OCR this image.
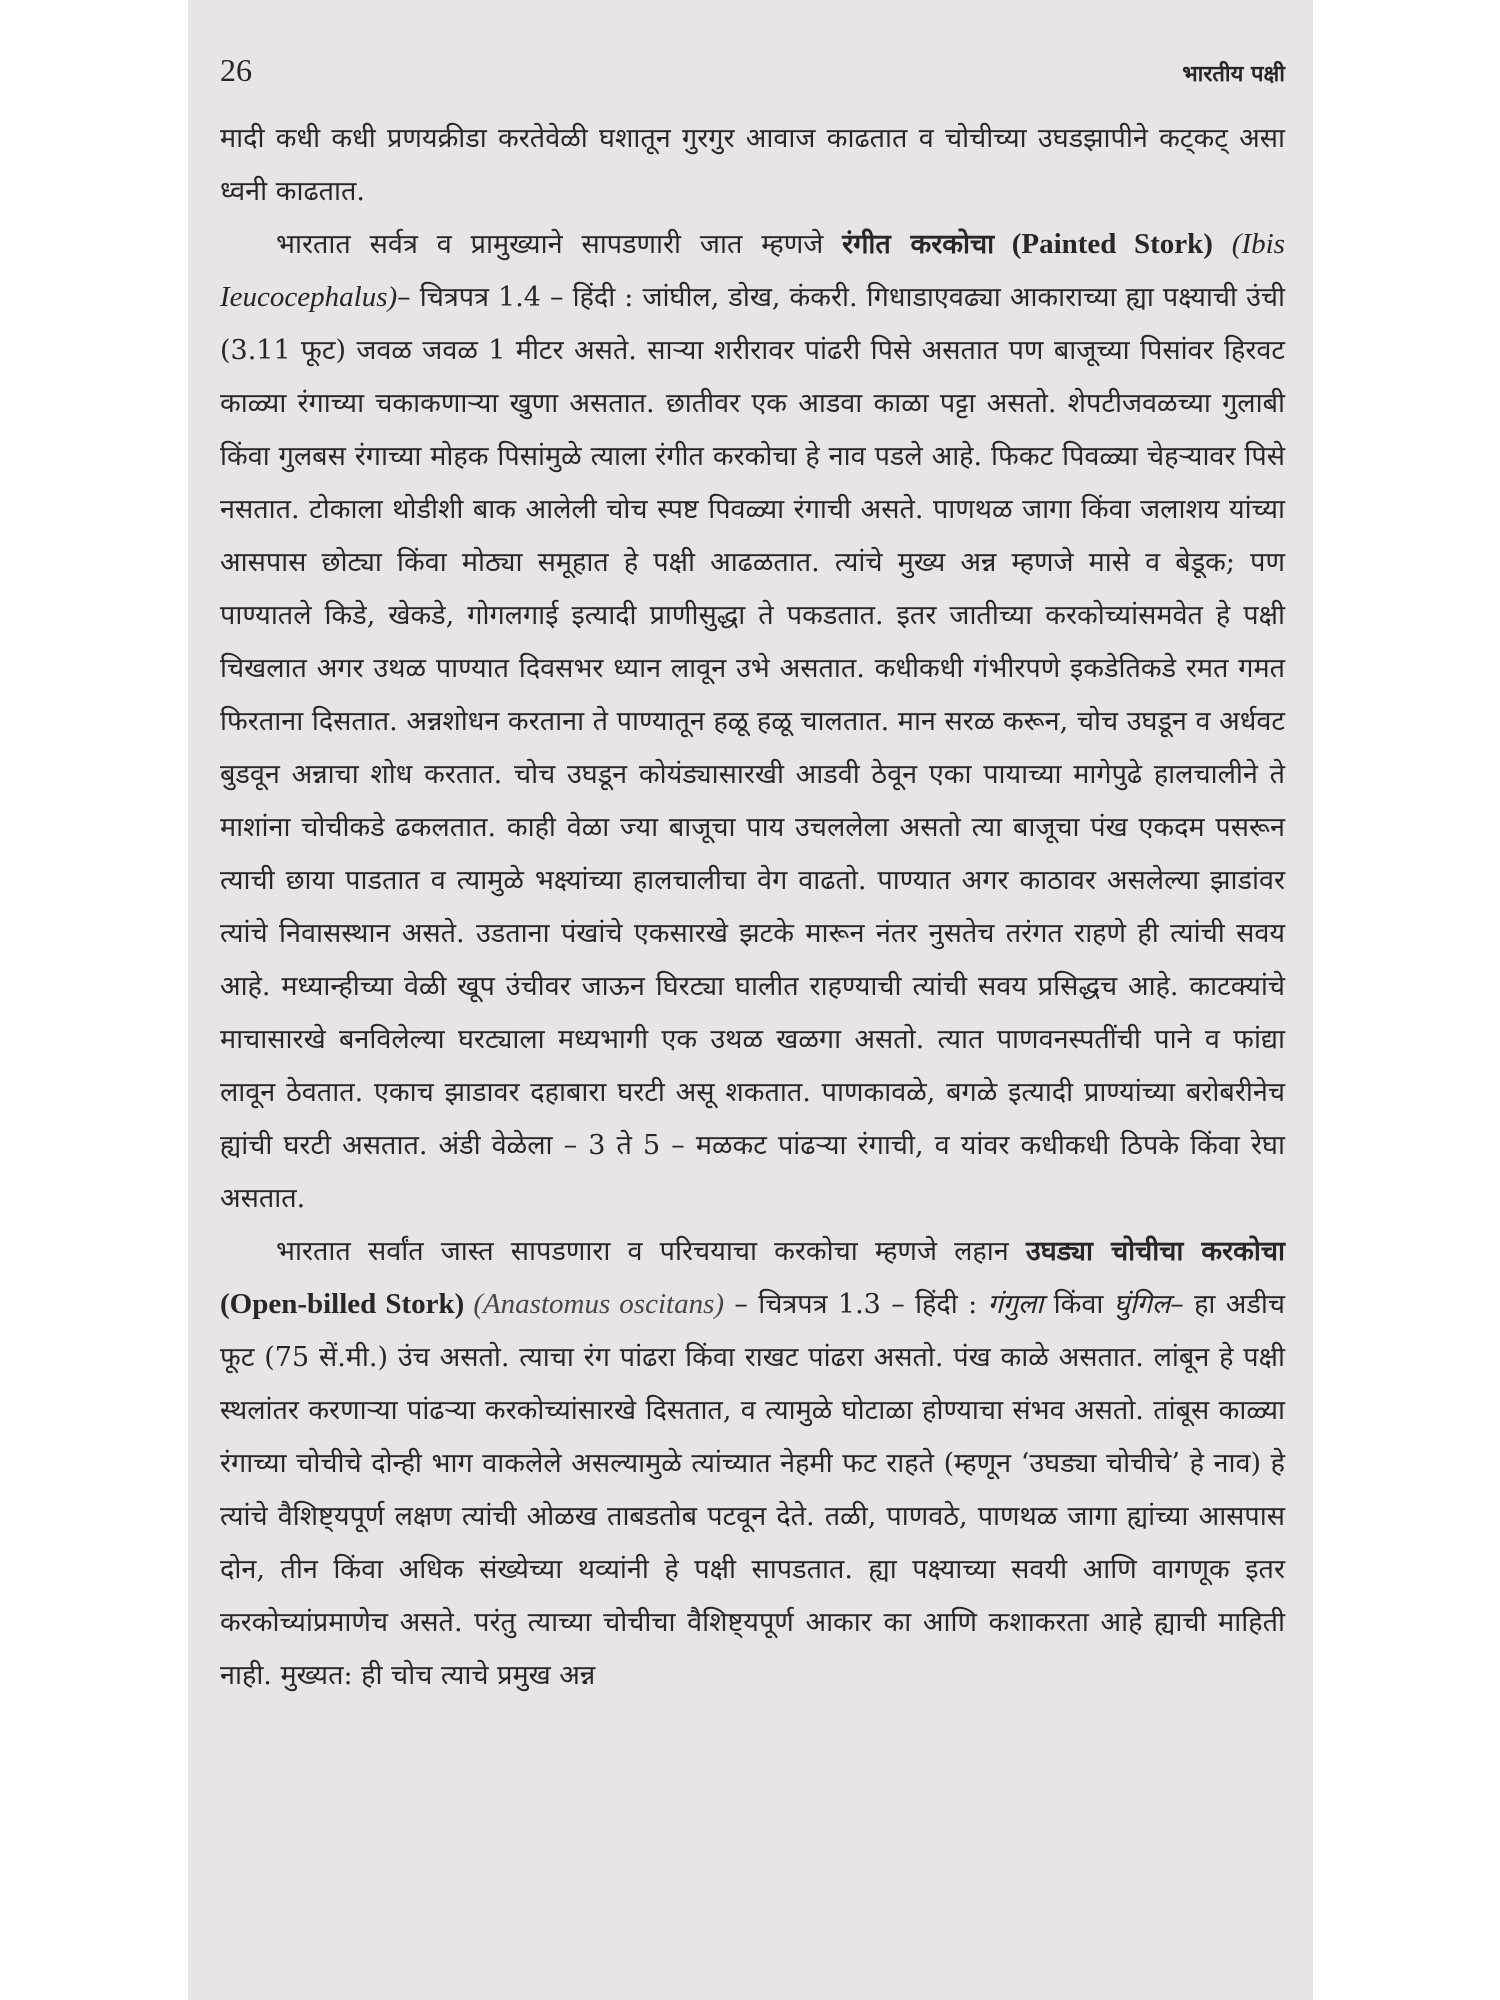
26	भारतीय पक्षी

मादी कधी कधी प्रणयक्रीडा करतेवेळी घशातून गुरगुर आवाज काढतात व चोचीच्या उघडझापीने कट्‌कट्‌ असा ध्वनी काढतात.

भारतात सर्वत्र व प्रामुख्याने सापडणारी जात म्हणजे रंगीत करकोचा (Painted Stork) (Ibis Ieucocephalus)– चित्रपत्र 1.4 – हिंदी : जांघील, डोख, कंकरी. गिधाडाएवढ्या आकाराच्या ह्या पक्ष्याची उंची (3.11 फूट) जवळ जवळ 1 मीटर असते. साऱ्या शरीरावर पांढरी पिसे असतात पण बाजूच्या पिसांवर हिरवट काळ्या रंगाच्या चकाकणाऱ्या खुणा असतात. छातीवर एक आडवा काळा पट्टा असतो. शेपटीजवळच्या गुलाबी किंवा गुलबस रंगाच्या मोहक पिसांमुळे त्याला रंगीत करकोचा हे नाव पडले आहे. फिकट पिवळ्या चेहऱ्यावर पिसे नसतात. टोकाला थोडीशी बाक आलेली चोच स्पष्ट पिवळ्या रंगाची असते. पाणथळ जागा किंवा जलाशय यांच्या आसपास छोट्या किंवा मोठ्या समूहात हे पक्षी आढळतात. त्यांचे मुख्य अन्न म्हणजे मासे व बेडूक; पण पाण्यातले किडे, खेकडे, गोगलगाई इत्यादी प्राणीसुद्धा ते पकडतात. इतर जातीच्या करकोच्यांसमवेत हे पक्षी चिखलात अगर उथळ पाण्यात दिवसभर ध्यान लावून उभे असतात. कधीकधी गंभीरपणे इकडेतिकडे रमत गमत फिरताना दिसतात. अन्नशोधन करताना ते पाण्यातून हळू हळू चालतात. मान सरळ करून, चोच उघडून व अर्धवट बुडवून अन्नाचा शोध करतात. चोच उघडून कोयंड्यासारखी आडवी ठेवून एका पायाच्या मागेपुढे हालचालीने ते माशांना चोचीकडे ढकलतात. काही वेळा ज्या बाजूचा पाय उचललेला असतो त्या बाजूचा पंख एकदम पसरून त्याची छाया पाडतात व त्यामुळे भक्ष्यांच्या हालचालीचा वेग वाढतो. पाण्यात अगर काठावर असलेल्या झाडांवर त्यांचे निवासस्थान असते. उडताना पंखांचे एकसारखे झटके मारून नंतर नुसतेच तरंगत राहणे ही त्यांची सवय आहे. मध्यान्हीच्या वेळी खूप उंचीवर जाऊन घिरट्या घालीत राहण्याची त्यांची सवय प्रसिद्धच आहे. काटक्यांचे माचासारखे बनविलेल्या घरट्याला मध्यभागी एक उथळ खळगा असतो. त्यात पाणवनस्पतींची पाने व फांद्या लावून ठेवतात. एकाच झाडावर दहाबारा घरटी असू शकतात. पाणकावळे, बगळे इत्यादी प्राण्यांच्या बरोबरीनेच ह्यांची घरटी असतात. अंडी वेळेला – 3 ते 5 – मळकट पांढऱ्या रंगाची, व यांवर कधीकधी ठिपके किंवा रेघा असतात.

भारतात सर्वांत जास्त सापडणारा व परिचयाचा करकोचा म्हणजे लहान उघड्या चोचीचा करकोचा (Open-billed Stork) (Anastomus oscitans) – चित्रपत्र 1.3 – हिंदी : गंगुला किंवा घुंगिल– हा अडीच फूट (75 सें.मी.) उंच असतो. त्याचा रंग पांढरा किंवा राखट पांढरा असतो. पंख काळे असतात. लांबून हे पक्षी स्थलांतर करणाऱ्या पांढऱ्या करकोच्यांसारखे दिसतात, व त्यामुळे घोटाळा होण्याचा संभव असतो. तांबूस काळ्या रंगाच्या चोचीचे दोन्ही भाग वाकलेले असल्यामुळे त्यांच्यात नेहमी फट राहते (म्हणून ‘उघड्या चोचीचे’ हे नाव) हे त्यांचे वैशिष्ट्यपूर्ण लक्षण त्यांची ओळख ताबडतोब पटवून देते. तळी, पाणवठे, पाणथळ जागा ह्यांच्या आसपास दोन, तीन किंवा अधिक संख्येच्या थव्यांनी हे पक्षी सापडतात. ह्या पक्ष्याच्या सवयी आणि वागणूक इतर करकोच्यांप्रमाणेच असते. परंतु त्याच्या चोचीचा वैशिष्ट्यपूर्ण आकार का आणि कशाकरता आहे ह्याची माहिती नाही. मुख्यत: ही चोच त्याचे प्रमुख अन्न
